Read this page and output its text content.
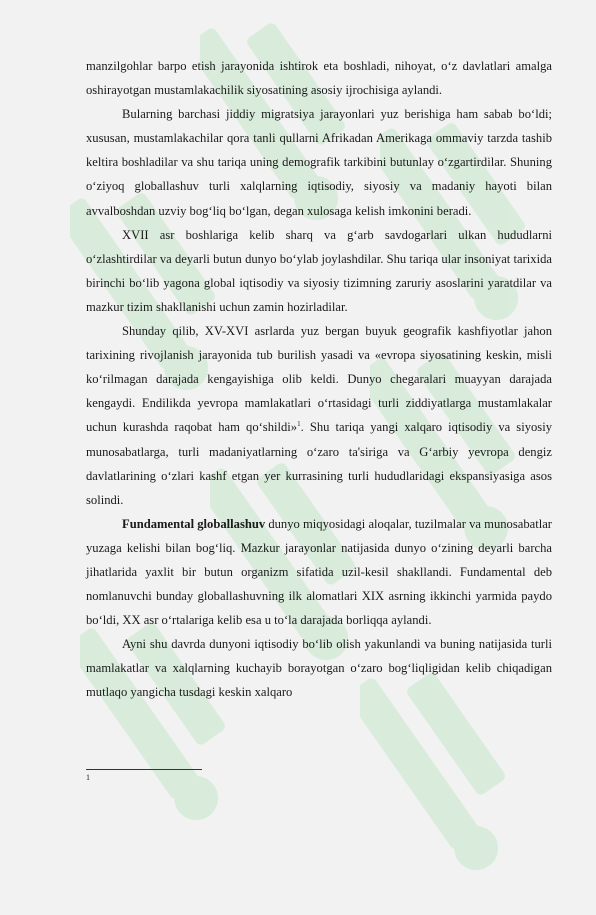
manzilgohlar barpo etish jarayonida ishtirok eta boshladi, nihoyat, o‘z davlatlari amalga oshirayotgan mustamlakachilik siyosatining asosiy ijrochisiga aylandi.

Bularning barchasi jiddiy migratsiya jarayonlari yuz berishiga ham sabab bo‘ldi; xususan, mustamlakachilar qora tanli qullarni Afrikadan Amerikaga ommaviy tarzda tashib keltira boshladilar va shu tariqa uning demografik tarkibini butunlay o‘zgartirdilar. Shuning o‘ziyoq globallashuv turli xalqlarning iqtisodiy, siyosiy va madaniy hayoti bilan avvalboshdan uzviy bog‘liq bo‘lgan, degan xulosaga kelish imkonini beradi.

XVII asr boshlariga kelib sharq va g‘arb savdogarlari ulkan hududlarni o‘zlashtirdilar va deyarli butun dunyo bo‘ylab joylashdilar. Shu tariqa ular insoniyat tarixida birinchi bo‘lib yagona global iqtisodiy va siyosiy tizimning zaruriy asoslarini yaratdilar va mazkur tizim shakllanishi uchun zamin hozirladilar.

Shunday qilib, XV-XVI asrlarda yuz bergan buyuk geografik kashfiyotlar jahon tarixining rivojlanish jarayonida tub burilish yasadi va «evropa siyosatining keskin, misli ko‘rilmagan darajada kengayishiga olib keldi. Dunyo chegaralari muayyan darajada kengaydi. Endilikda yevropa mamlakatlari o‘rtasidagi turli ziddiyatlarga mustamlakalar uchun kurashda raqobat ham qo‘shildi»$^1$. Shu tariqa yangi xalqaro iqtisodiy va siyosiy munosabatlarga, turli madaniyatlarning o‘zaro ta'siriga va G‘arbiy yevropa dengiz davlatlarining o‘zlari kashf etgan yer kurrasining turli hududlaridagi ekspansiyasiga asos solindi.

Fundamental globallashuv dunyo miqyosidagi aloqalar, tuzilmalar va munosabatlar yuzaga kelishi bilan bog‘liq. Mazkur jarayonlar natijasida dunyo o‘zining deyarli barcha jihatlarida yaxlit bir butun organizm sifatida uzil-kesil shakllandi. Fundamental deb nomlanuvchi bunday globallashuvning ilk alomatlari XIX asrning ikkinchi yarmida paydo bo‘ldi, XX asr o‘rtalariga kelib esa u to‘la darajada borliqqa aylandi.

Ayni shu davrda dunyoni iqtisodiy bo‘lib olish yakunlandi va buning natijasida turli mamlakatlar va xalqlarning kuchayib borayotgan o‘zaro bog‘liqligidan kelib chiqadigan mutlaqo yangicha tusdagi keskin xalqaro

1
